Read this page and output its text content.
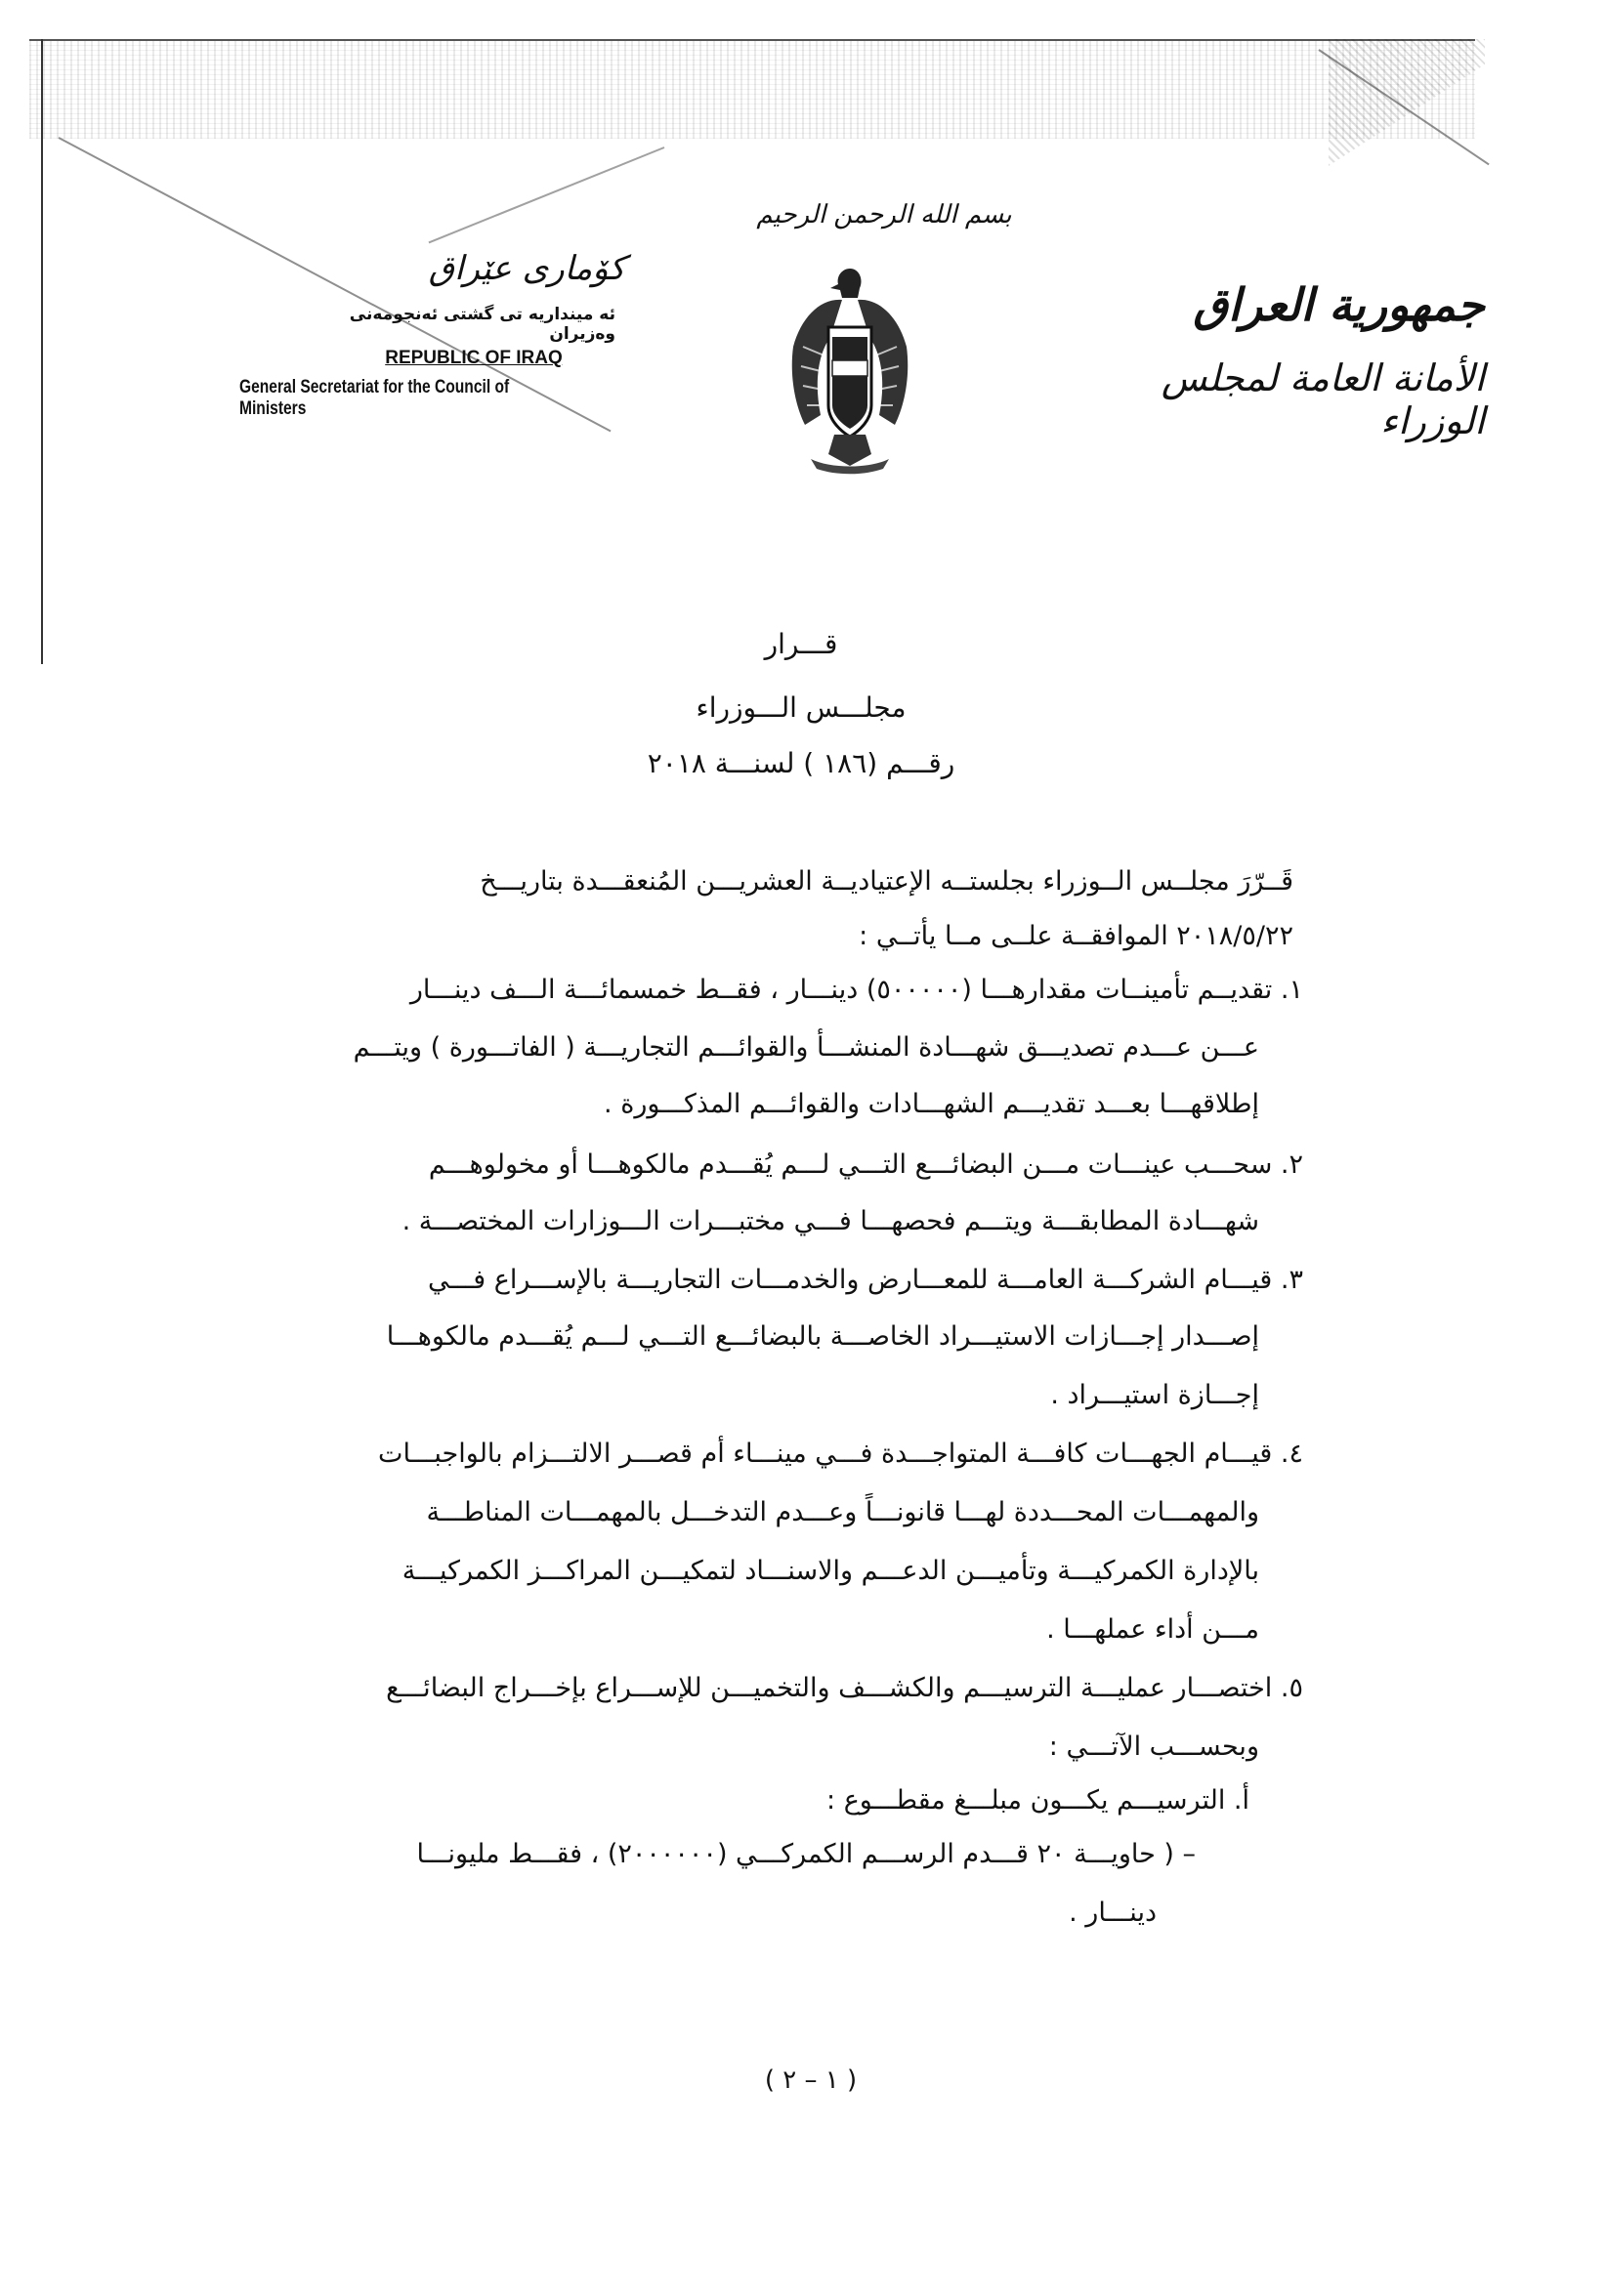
بسم الله الرحمن الرحيم
جمهورية العراق
الأمانة العامة لمجلس الوزراء
كۆماری عێراق
ئه ‌مینداریه ‌تی گشتی ئه‌نجومه‌نی وه‌زیران
REPUBLIC OF IRAQ
General Secretariat for the Council of Ministers
قـــرار
مجلـــس الـــوزراء
رقـــم (١٨٦ ) لسنـــة ٢٠١٨
قَــرّرَ مجلــس الــوزراء بجلستــه الإعتياديــة العشريـــن المُنعقـــدة بتاريـــخ
٢٠١٨/٥/٢٢ الموافقــة علــى مــا يأتــي :
١. تقديــم تأمينــات مقدارهـــا (٥٠٠٠٠٠) دينـــار ، فقــط خمسمائـــة الـــف دينـــار
عـــن عـــدم تصديـــق شهـــادة المنشـــأ والقوائـــم التجاريـــة ( الفاتـــورة ) ويتـــم
إطلاقهـــا بعـــد تقديـــم الشهـــادات والقوائـــم المذكـــورة .
٢. سحـــب عينـــات مـــن البضائـــع التـــي لـــم يُقـــدم مالكوهـــا أو مخولوهـــم
شهـــادة المطابقـــة ويتـــم فحصهـــا فـــي مختبـــرات الـــوزارات المختصـــة .
٣. قيـــام الشركـــة العامـــة للمعـــارض والخدمـــات التجاريـــة بالإســـراع فـــي
إصـــدار إجـــازات الاستيـــراد الخاصـــة بالبضائـــع التـــي لـــم يُقـــدم مالكوهـــا
إجـــازة استيـــراد .
٤. قيـــام الجهـــات كافـــة المتواجـــدة فـــي مينـــاء أم قصـــر الالتـــزام بالواجبـــات
والمهمـــات المحـــددة لهـــا قانونـــاً وعـــدم التدخـــل بالمهمـــات المناطـــة
بالإدارة الكمركيـــة وتأميـــن الدعـــم والاسنـــاد لتمكيـــن المراكـــز الكمركيـــة
مـــن أداء عملهـــا .
٥. اختصـــار عمليـــة الترسيـــم والكشـــف والتخميـــن للإســـراع بإخـــراج البضائـــع
وبحســـب الآتـــي :
أ. الترسيـــم يكـــون مبلـــغ مقطـــوع :
– ( حاويـــة ٢٠ قـــدم الرســـم الكمركـــي (٢٠٠٠٠٠٠) ، فقـــط مليونـــا
دينـــار .
( ١ – ٢ )
